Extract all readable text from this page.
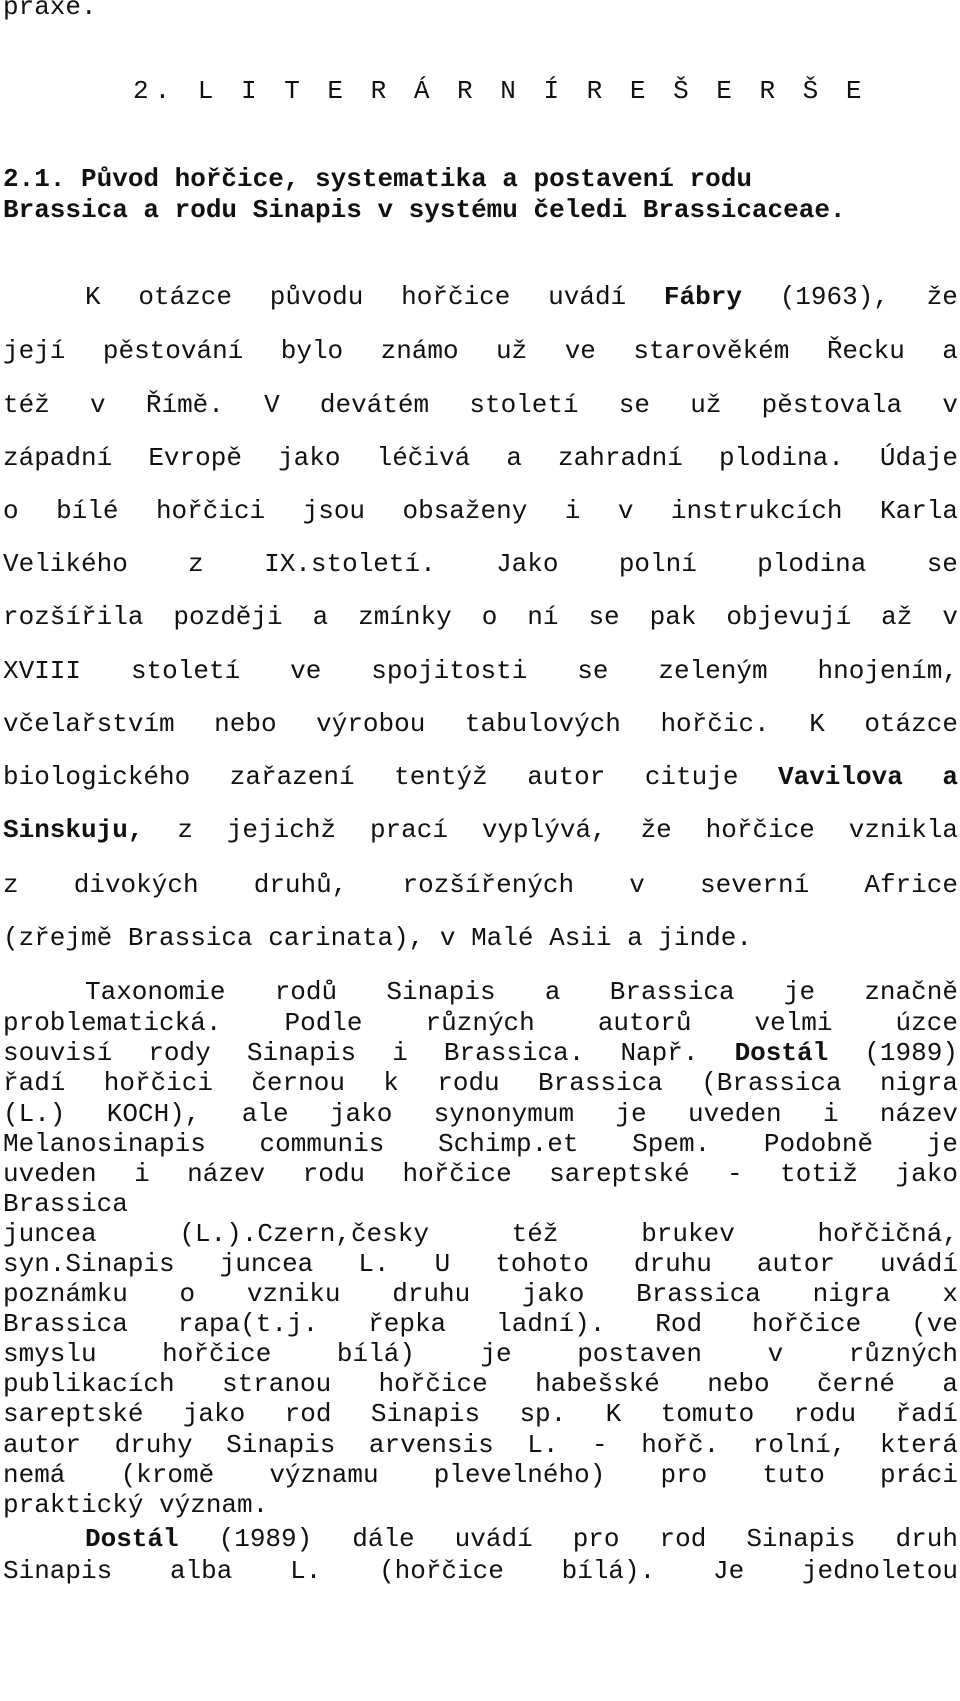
praxe.
2. L I T E R Á R N Í R E Š E R Š E
2.1. Původ hořčice, systematika a postavení rodu
Brassica a rodu Sinapis v systému čeledi Brassicaceae.
K otázce původu hořčice uvádí Fábry (1963), že
její pěstování bylo známo už ve starověkém Řecku a
též v Římě. V devátém století se už pěstovala v
západní Evropě jako léčivá a zahradní plodina. Údaje
o bílé hořčici jsou obsaženy i v instrukcích Karla
Velikého z IX.století. Jako polní plodina se
rozšířila později a zmínky o ní se pak objevují až v
XVIII století ve spojitosti se zeleným hnojením,
včelařstvím nebo výrobou tabulových hořčic. K otázce
biologického zařazení tentýž autor cituje Vavilova a
Sinskuju, z jejichž prací vyplývá, že hořčice vznikla
z divokých druhů, rozšířených v severní Africe
(zřejmě Brassica carinata), v Malé Asii a jinde.
Taxonomie rodů Sinapis a Brassica je značně
problematická. Podle různých autorů velmi úzce
souvisí rody Sinapis i Brassica. Např. Dostál (1989)
řadí hořčici černou k rodu Brassica (Brassica nigra
(L.) KOCH), ale jako synonymum je uveden i název
Melanosinapis communis Schimp.et Spem. Podobně je
uveden i název rodu hořčice sareptské - totiž jako
Brassica
juncea	(L.).Czern,česky	též	brukev	hořčičná,
syn.Sinapis juncea L. U tohoto druhu autor uvádí
poznámku o vzniku druhu jako Brassica nigra x
Brassica rapa(t.j. řepka ladní). Rod hořčice (ve
smyslu	hořčice	bílá)	je	postaven	v	různých
publikacích stranou hořčice habešské nebo černé a
sareptské jako rod Sinapis sp. K tomuto rodu řadí
autor druhy Sinapis arvensis L. - hořč. rolní, která
nemá (kromě významu plevelného) pro tuto práci
praktický význam.
Dostál (1989) dále uvádí pro rod Sinapis druh
Sinapis alba L. (hořčice bílá). Je jednoletou
